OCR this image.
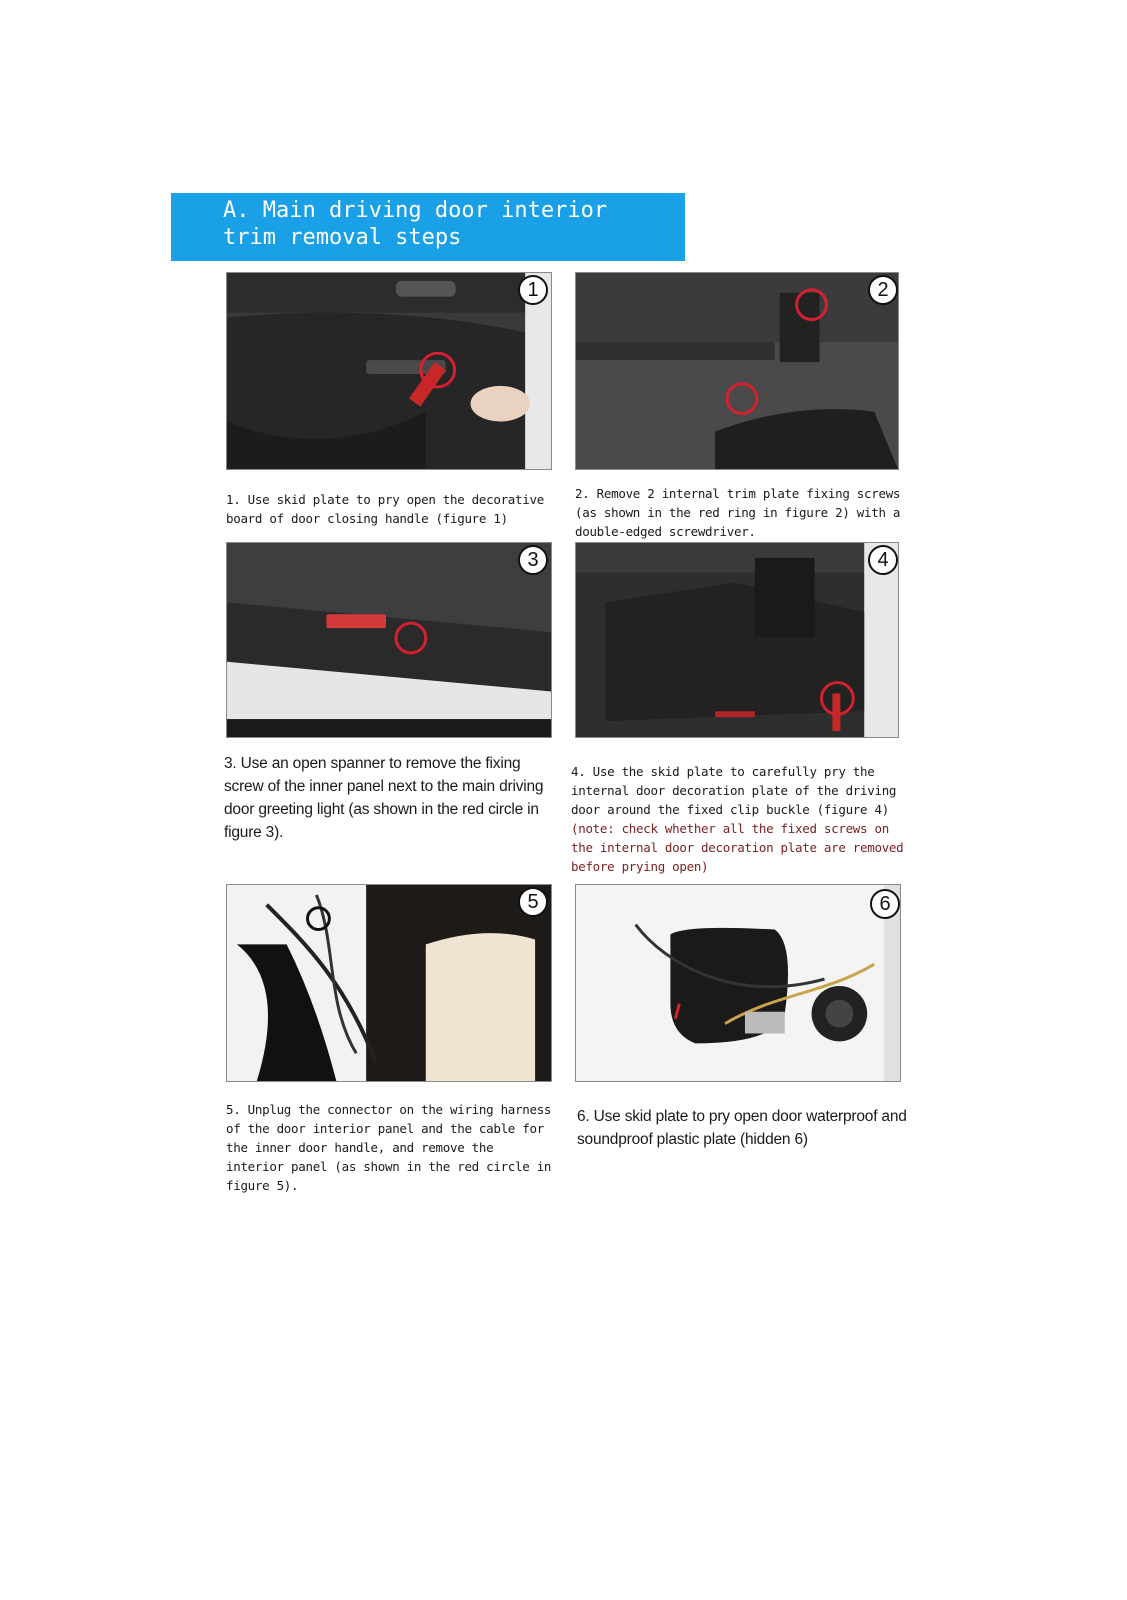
A. Main driving door interior
trim removal steps
1
1. Use skid plate to pry open the decorative board of door closing handle (figure 1)
2
2. Remove 2 internal trim plate fixing screws (as shown in the red ring in figure 2) with a double-edged screwdriver.
3
3. Use an open spanner to remove the fixing screw of the inner panel next to the main driving door greeting light (as shown in the red circle in figure 3).
4
4. Use the skid plate to carefully pry the internal door decoration plate of the driving door around the fixed clip buckle (figure 4)
(note: check whether all the fixed screws on the internal door decoration plate are removed before prying open)
5
5. Unplug the connector on the wiring harness of the door interior panel and the cable for the inner door handle, and remove the interior panel (as shown in the red circle in figure 5).
6
6. Use skid plate to pry open door waterproof and soundproof plastic plate (hidden 6)
